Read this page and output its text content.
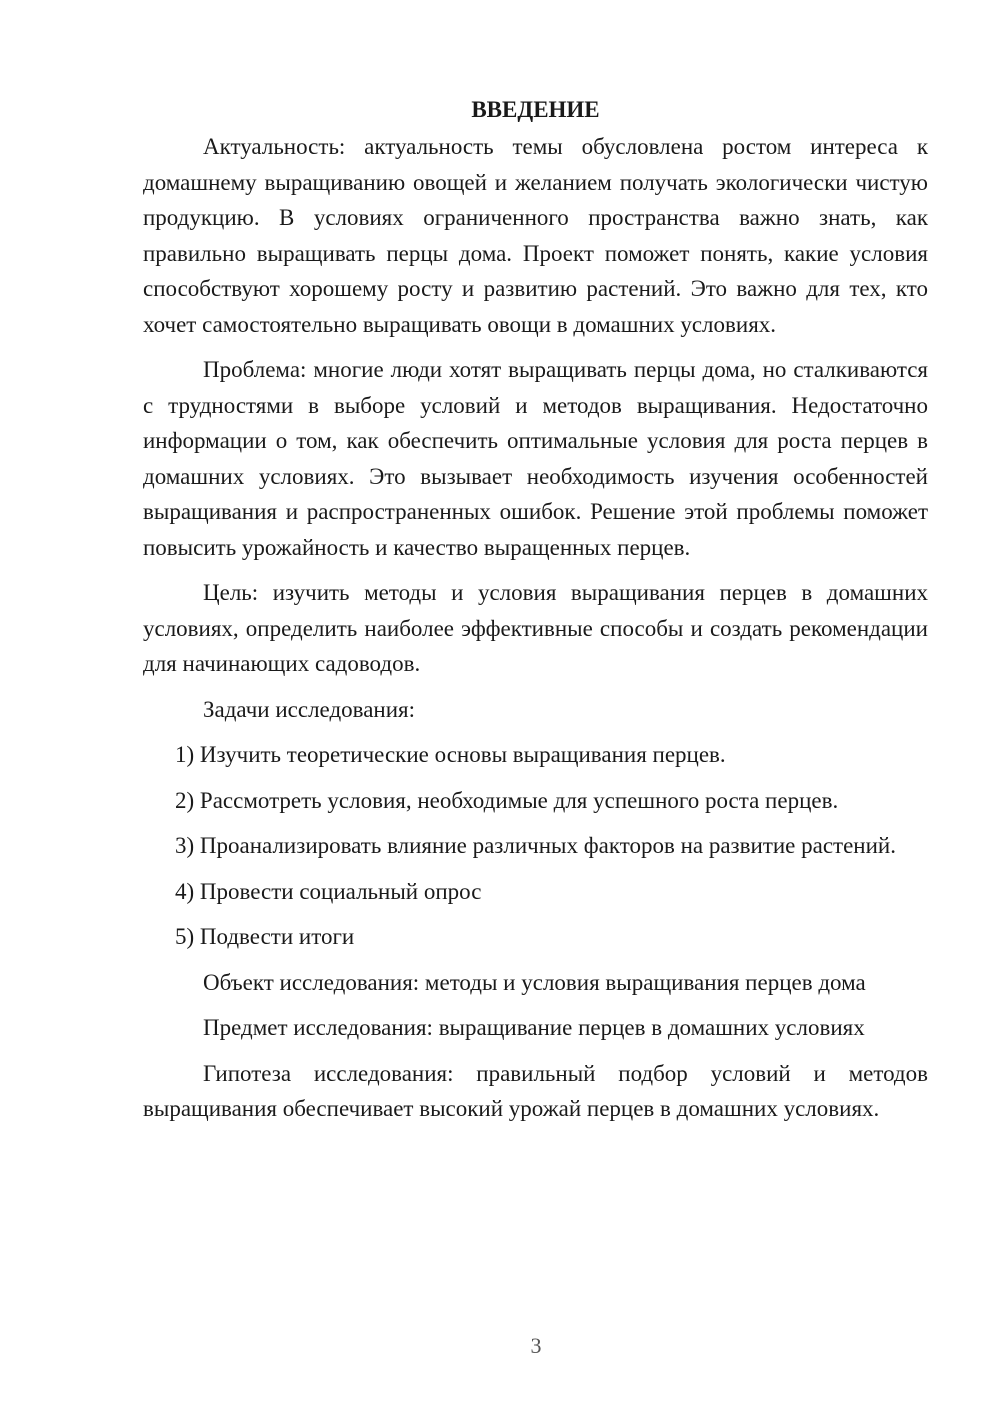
ВВЕДЕНИЕ

Актуальность: актуальность темы обусловлена ростом интереса к домашнему выращиванию овощей и желанием получать экологически чистую продукцию. В условиях ограниченного пространства важно знать, как правильно выращивать перцы дома. Проект поможет понять, какие условия способствуют хорошему росту и развитию растений. Это важно для тех, кто хочет самостоятельно выращивать овощи в домашних условиях.

Проблема: многие люди хотят выращивать перцы дома, но сталкиваются с трудностями в выборе условий и методов выращивания. Недостаточно информации о том, как обеспечить оптимальные условия для роста перцев в домашних условиях. Это вызывает необходимость изучения особенностей выращивания и распространенных ошибок. Решение этой проблемы поможет повысить урожайность и качество выращенных перцев.

Цель: изучить методы и условия выращивания перцев в домашних условиях, определить наиболее эффективные способы и создать рекомендации для начинающих садоводов.

Задачи исследования:

1) Изучить теоретические основы выращивания перцев.

2) Рассмотреть условия, необходимые для успешного роста перцев.

3) Проанализировать влияние различных факторов на развитие растений.

4) Провести социальный опрос

5) Подвести итоги

Объект исследования: методы и условия выращивания перцев дома

Предмет исследования: выращивание перцев в домашних условиях

Гипотеза исследования: правильный подбор условий и методов выращивания обеспечивает высокий урожай перцев в домашних условиях.

3
